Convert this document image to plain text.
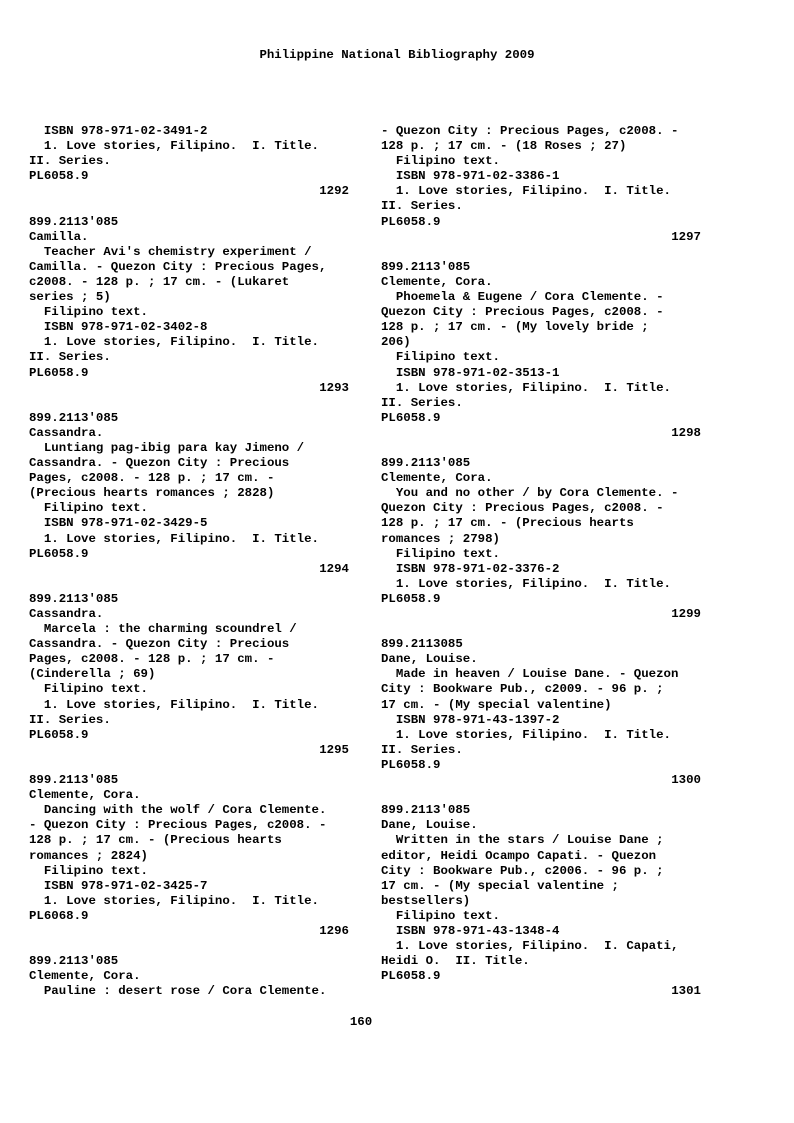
Philippine National Bibliography 2009
ISBN 978-971-02-3491-2
1. Love stories, Filipino.  I. Title.
II. Series.
PL6058.9
1292
899.2113'085
Camilla.
Teacher Avi's chemistry experiment /
Camilla. - Quezon City : Precious Pages,
c2008. - 128 p. ; 17 cm. - (Lukaret
series ; 5)
Filipino text.
ISBN 978-971-02-3402-8
1. Love stories, Filipino.  I. Title.
II. Series.
PL6058.9
1293
899.2113'085
Cassandra.
Luntiang pag-ibig para kay Jimeno /
Cassandra. - Quezon City : Precious
Pages, c2008. - 128 p. ; 17 cm. -
(Precious hearts romances ; 2828)
Filipino text.
ISBN 978-971-02-3429-5
1. Love stories, Filipino.  I. Title.
PL6058.9
1294
899.2113'085
Cassandra.
Marcela : the charming scoundrel /
Cassandra. - Quezon City : Precious
Pages, c2008. - 128 p. ; 17 cm. -
(Cinderella ; 69)
Filipino text.
1. Love stories, Filipino.  I. Title.
II. Series.
PL6058.9
1295
899.2113'085
Clemente, Cora.
Dancing with the wolf / Cora Clemente.
- Quezon City : Precious Pages, c2008. -
128 p. ; 17 cm. - (Precious hearts
romances ; 2824)
Filipino text.
ISBN 978-971-02-3425-7
1. Love stories, Filipino.  I. Title.
PL6068.9
1296
899.2113'085
Clemente, Cora.
Pauline : desert rose / Cora Clemente.
- Quezon City : Precious Pages, c2008. -
128 p. ; 17 cm. - (18 Roses ; 27)
Filipino text.
ISBN 978-971-02-3386-1
1. Love stories, Filipino.  I. Title.
II. Series.
PL6058.9
1297
899.2113'085
Clemente, Cora.
Phoemela & Eugene / Cora Clemente. -
Quezon City : Precious Pages, c2008. -
128 p. ; 17 cm. - (My lovely bride ;
206)
Filipino text.
ISBN 978-971-02-3513-1
1. Love stories, Filipino.  I. Title.
II. Series.
PL6058.9
1298
899.2113'085
Clemente, Cora.
You and no other / by Cora Clemente. -
Quezon City : Precious Pages, c2008. -
128 p. ; 17 cm. - (Precious hearts
romances ; 2798)
Filipino text.
ISBN 978-971-02-3376-2
1. Love stories, Filipino.  I. Title.
PL6058.9
1299
899.2113085
Dane, Louise.
Made in heaven / Louise Dane. - Quezon
City : Bookware Pub., c2009. - 96 p. ;
17 cm. - (My special valentine)
ISBN 978-971-43-1397-2
1. Love stories, Filipino.  I. Title.
II. Series.
PL6058.9
1300
899.2113'085
Dane, Louise.
Written in the stars / Louise Dane ;
editor, Heidi Ocampo Capati. - Quezon
City : Bookware Pub., c2006. - 96 p. ;
17 cm. - (My special valentine ;
bestsellers)
Filipino text.
ISBN 978-971-43-1348-4
1. Love stories, Filipino.  I. Capati,
Heidi O.  II. Title.
PL6058.9
1301
160
